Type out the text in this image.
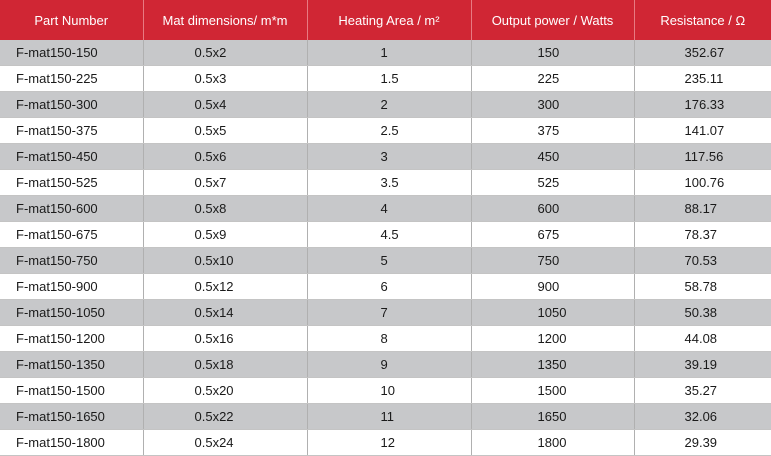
Part Number	Mat dimensions/ m*m	Heating Area / m²	Output power / Watts	Resistance / Ω
F-mat150-150	0.5x2	1	150	352.67
F-mat150-225	0.5x3	1.5	225	235.11
F-mat150-300	0.5x4	2	300	176.33
F-mat150-375	0.5x5	2.5	375	141.07
F-mat150-450	0.5x6	3	450	117.56
F-mat150-525	0.5x7	3.5	525	100.76
F-mat150-600	0.5x8	4	600	88.17
F-mat150-675	0.5x9	4.5	675	78.37
F-mat150-750	0.5x10	5	750	70.53
F-mat150-900	0.5x12	6	900	58.78
F-mat150-1050	0.5x14	7	1050	50.38
F-mat150-1200	0.5x16	8	1200	44.08
F-mat150-1350	0.5x18	9	1350	39.19
F-mat150-1500	0.5x20	10	1500	35.27
F-mat150-1650	0.5x22	11	1650	32.06
F-mat150-1800	0.5x24	12	1800	29.39
